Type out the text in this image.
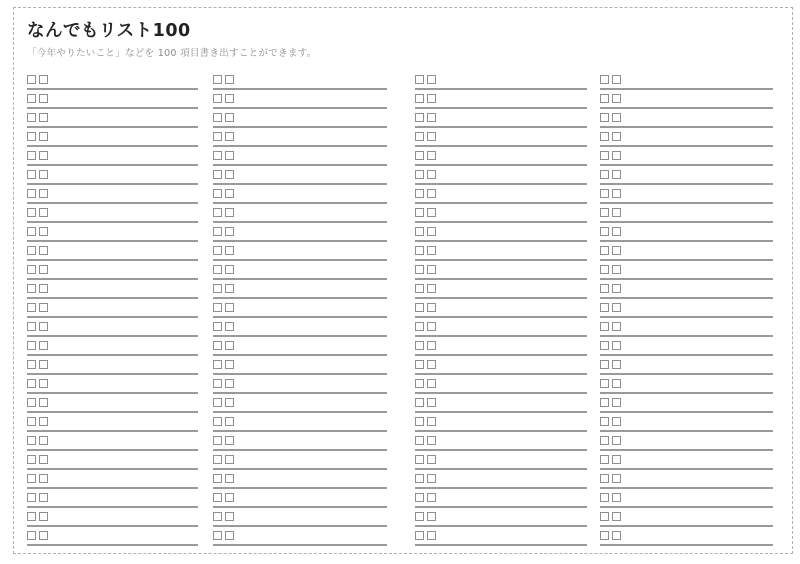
なんでもリスト100

「今年やりたいこと」などを 100 項目書き出すことができます。
